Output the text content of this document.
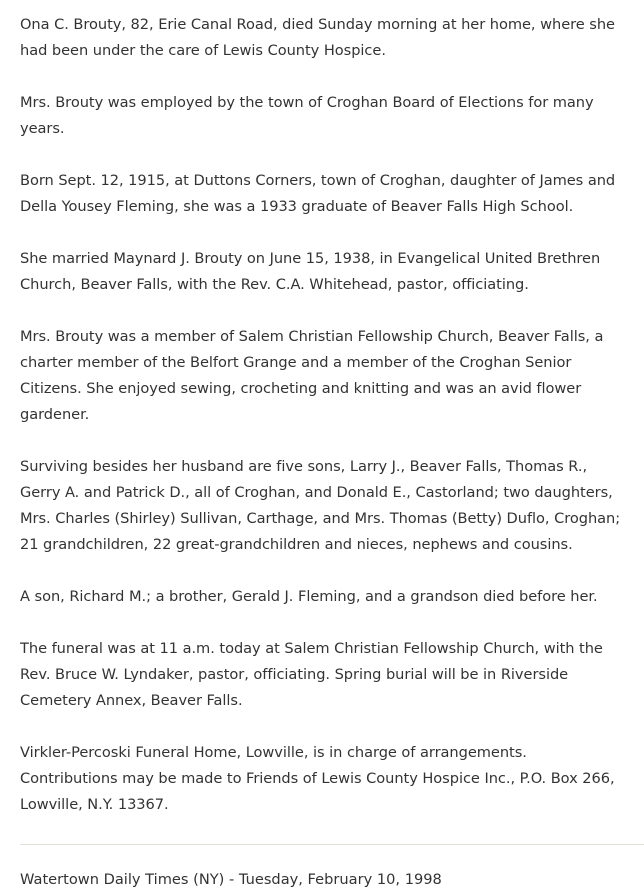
Ona C. Brouty, 82, Erie Canal Road, died Sunday morning at her home, where she had been under the care of Lewis County Hospice.

Mrs. Brouty was employed by the town of Croghan Board of Elections for many years.

Born Sept. 12, 1915, at Duttons Corners, town of Croghan, daughter of James and Della Yousey Fleming, she was a 1933 graduate of Beaver Falls High School.

She married Maynard J. Brouty on June 15, 1938, in Evangelical United Brethren Church, Beaver Falls, with the Rev. C.A. Whitehead, pastor, officiating.

Mrs. Brouty was a member of Salem Christian Fellowship Church, Beaver Falls, a charter member of the Belfort Grange and a member of the Croghan Senior Citizens. She enjoyed sewing, crocheting and knitting and was an avid flower gardener.

Surviving besides her husband are five sons, Larry J., Beaver Falls, Thomas R., Gerry A. and Patrick D., all of Croghan, and Donald E., Castorland; two daughters, Mrs. Charles (Shirley) Sullivan, Carthage, and Mrs. Thomas (Betty) Duflo, Croghan; 21 grandchildren, 22 great-grandchildren and nieces, nephews and cousins.

A son, Richard M.; a brother, Gerald J. Fleming, and a grandson died before her.

The funeral was at 11 a.m. today at Salem Christian Fellowship Church, with the Rev. Bruce W. Lyndaker, pastor, officiating. Spring burial will be in Riverside Cemetery Annex, Beaver Falls.

Virkler-Percoski Funeral Home, Lowville, is in charge of arrangements. Contributions may be made to Friends of Lewis County Hospice Inc., P.O. Box 266, Lowville, N.Y. 13367.

Watertown Daily Times (NY) - Tuesday, February 10, 1998
